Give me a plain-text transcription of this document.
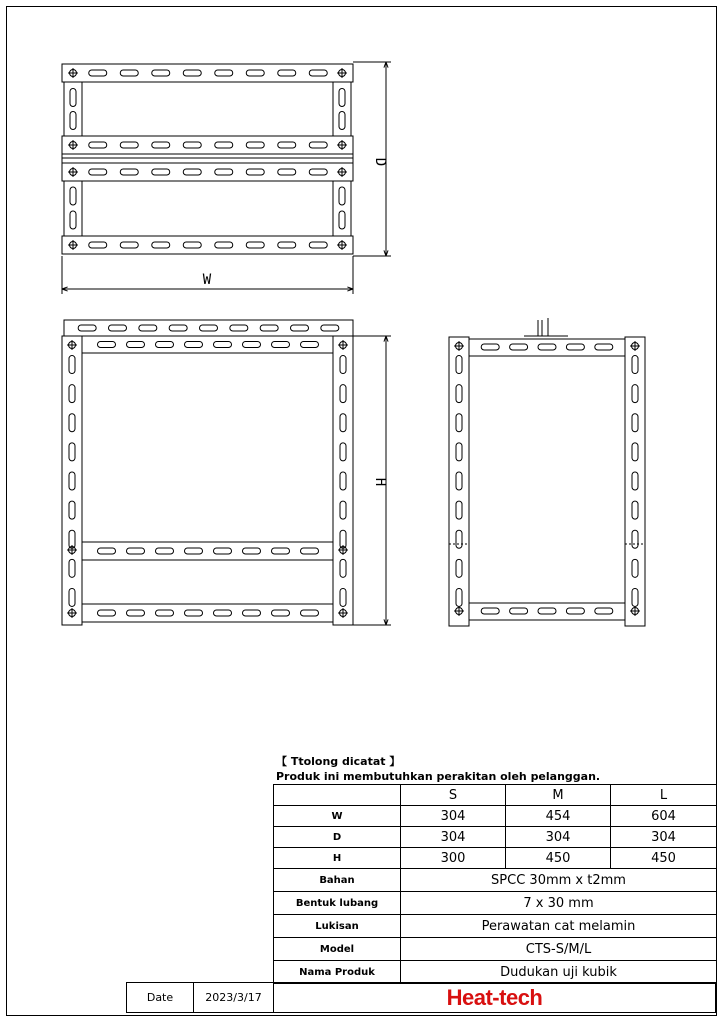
W
D
H
【 Ttolong dicatat 】
Produk ini membutuhkan perakitan oleh pelanggan.
	S	M	L
W	304	454	604
D	304	304	304
H	300	450	450
Bahan	SPCC 30mm x t2mm		
Bentuk lubang	7 x 30 mm		
Lukisan	Perawatan cat melamin		
Model	CTS-S/M/L		
Nama Produk	Dudukan uji kubik		
Date	2023/3/17	Heat-tech
